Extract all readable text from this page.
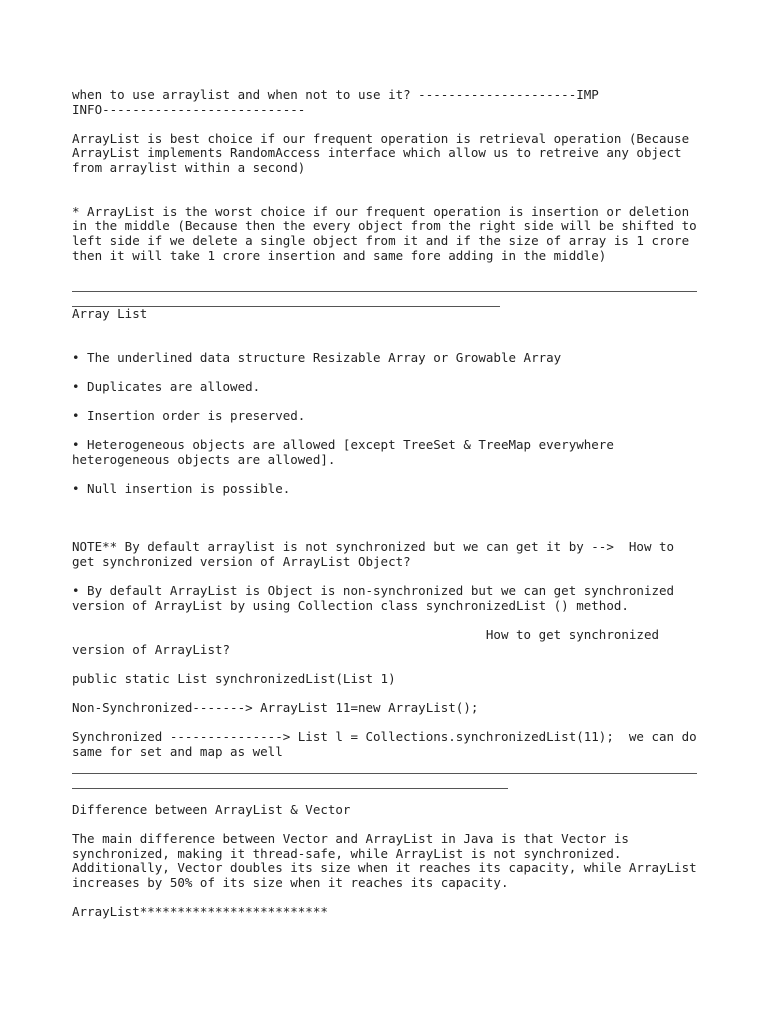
when to use arraylist and when not to use it? ---------------------IMP
INFO---------------------------
ArrayList is best choice if our frequent operation is retrieval operation (Because
ArrayList implements RandomAccess interface which allow us to retreive any object
from arraylist within a second)
* ArrayList is the worst choice if our frequent operation is insertion or deletion
in the middle (Because then the every object from the right side will be shifted to
left side if we delete a single object from it and if the size of array is 1 crore
then it will take 1 crore insertion and same fore adding in the middle)
Array List
• The underlined data structure Resizable Array or Growable Array
• Duplicates are allowed.
• Insertion order is preserved.
• Heterogeneous objects are allowed [except TreeSet & TreeMap everywhere
heterogeneous objects are allowed].
• Null insertion is possible.
NOTE** By default arraylist is not synchronized but we can get it by -->  How to
get synchronized version of ArrayList Object?
• By default ArrayList is Object is non-synchronized but we can get synchronized
version of ArrayList by using Collection class synchronizedList () method.
How to get synchronized
version of ArrayList?
public static List synchronizedList(List 1)
Non-Synchronized-------> ArrayList 11=new ArrayList();
Synchronized ---------------> List l = Collections.synchronizedList(11);  we can do
same for set and map as well
Difference between ArrayList & Vector
The main difference between Vector and ArrayList in Java is that Vector is
synchronized, making it thread-safe, while ArrayList is not synchronized.
Additionally, Vector doubles its size when it reaches its capacity, while ArrayList
increases by 50% of its size when it reaches its capacity.
ArrayList*************************
